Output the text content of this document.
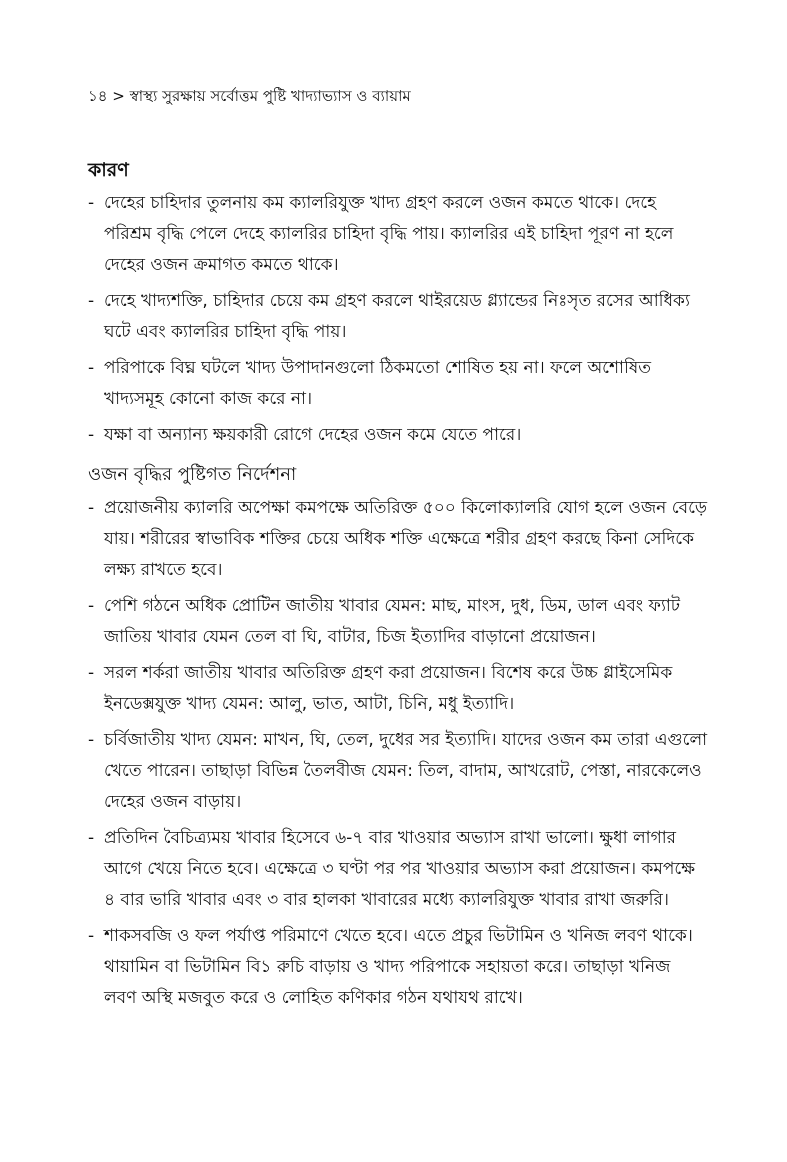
১৪ > স্বাস্থ্য সুরক্ষায় সর্বোত্তম পুষ্টি খাদ্যাভ্যাস ও ব্যায়াম
কারণ
- দেহের চাহিদার তুলনায় কম ক্যালরিযুক্ত খাদ্য গ্রহণ করলে ওজন কমতে থাকে। দেহে পরিশ্রম বৃদ্ধি পেলে দেহে ক্যালরির চাহিদা বৃদ্ধি পায়। ক্যালরির এই চাহিদা পূরণ না হলে দেহের ওজন ক্রমাগত কমতে থাকে।
- দেহে খাদ্যশক্তি, চাহিদার চেয়ে কম গ্রহণ করলে থাইরয়েড গ্ল্যান্ডের নিঃসৃত রসের আধিক্য ঘটে এবং ক্যালরির চাহিদা বৃদ্ধি পায়।
- পরিপাকে বিঘ্ন ঘটলে খাদ্য উপাদানগুলো ঠিকমতো শোষিত হয় না। ফলে অশোষিত খাদ্যসমূহ কোনো কাজ করে না।
- যক্ষা বা অন্যান্য ক্ষয়কারী রোগে দেহের ওজন কমে যেতে পারে।
ওজন বৃদ্ধির পুষ্টিগত নির্দেশনা
- প্রয়োজনীয় ক্যালরি অপেক্ষা কমপক্ষে অতিরিক্ত ৫০০ কিলোক্যালরি যোগ হলে ওজন বেড়ে যায়। শরীরের স্বাভাবিক শক্তির চেয়ে অধিক শক্তি এক্ষেত্রে শরীর গ্রহণ করছে কিনা সেদিকে লক্ষ্য রাখতে হবে।
- পেশি গঠনে অধিক প্রোটিন জাতীয় খাবার যেমন: মাছ, মাংস, দুধ, ডিম, ডাল এবং ফ্যাট জাতিয় খাবার যেমন তেল বা ঘি, বাটার, চিজ ইত্যাদির বাড়ানো প্রয়োজন।
- সরল শর্করা জাতীয় খাবার অতিরিক্ত গ্রহণ করা প্রয়োজন। বিশেষ করে উচ্চ গ্লাইসেমিক ইনডেক্সযুক্ত খাদ্য যেমন: আলু, ভাত, আটা, চিনি, মধু ইত্যাদি।
- চর্বিজাতীয় খাদ্য যেমন: মাখন, ঘি, তেল, দুধের সর ইত্যাদি। যাদের ওজন কম তারা এগুলো খেতে পারেন। তাছাড়া বিভিন্ন তৈলবীজ যেমন: তিল, বাদাম, আখরোট, পেস্তা, নারকেলেও দেহের ওজন বাড়ায়।
- প্রতিদিন বৈচিত্র্যময় খাবার হিসেবে ৬-৭ বার খাওয়ার অভ্যাস রাখা ভালো। ক্ষুধা লাগার আগে খেয়ে নিতে হবে। এক্ষেত্রে ৩ ঘণ্টা পর পর খাওয়ার অভ্যাস করা প্রয়োজন। কমপক্ষে ৪ বার ভারি খাবার এবং ৩ বার হালকা খাবারের মধ্যে ক্যালরিযুক্ত খাবার রাখা জরুরি।
- শাকসবজি ও ফল পর্যাপ্ত পরিমাণে খেতে হবে। এতে প্রচুর ভিটামিন ও খনিজ লবণ থাকে। থায়ামিন বা ভিটামিন বি১ রুচি বাড়ায় ও খাদ্য পরিপাকে সহায়তা করে। তাছাড়া খনিজ লবণ অস্থি মজবুত করে ও লোহিত কণিকার গঠন যথাযথ রাখে।
